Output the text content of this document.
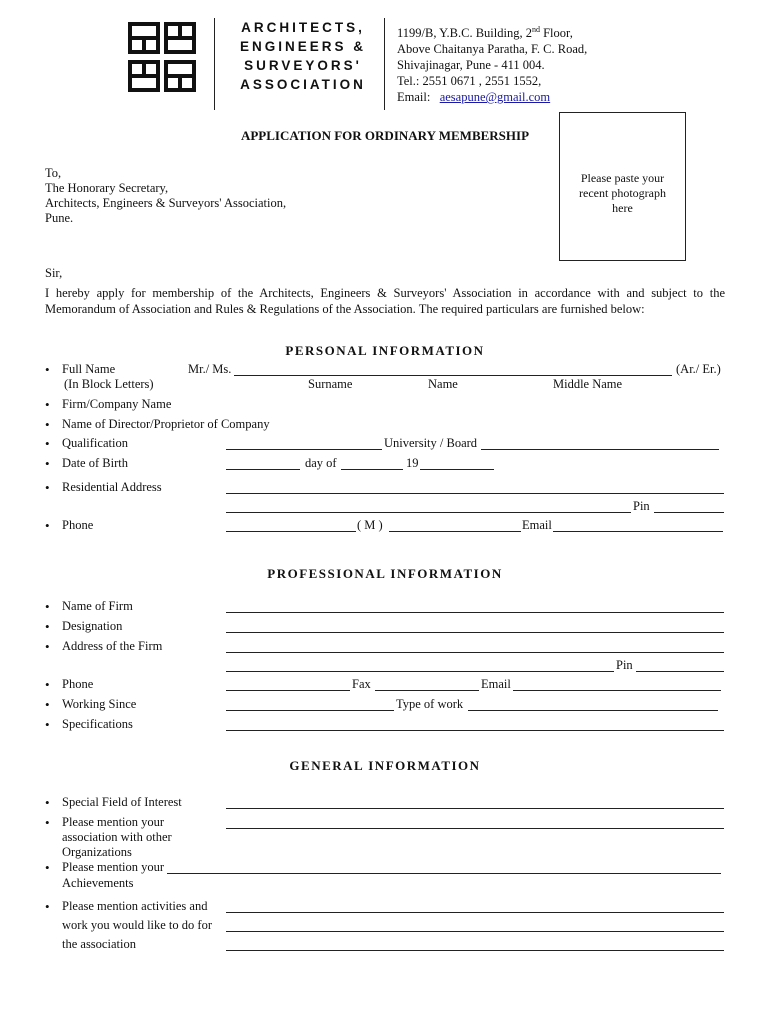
ARCHITECTS,
ENGINEERS &
SURVEYORS'
ASSOCIATION
1199/B, Y.B.C. Building, 2nd Floor,
Above Chaitanya Paratha, F. C. Road,
Shivajinagar, Pune - 411 004.
Tel.: 2551 0671 , 2551 1552,
Email: aesapune@gmail.com
APPLICATION FOR ORDINARY MEMBERSHIP
Please paste your recent photograph here
To,
The Honorary Secretary,
Architects, Engineers & Surveyors' Association,
Pune.
Sir,
I hereby apply for membership of the Architects, Engineers & Surveyors' Association in accordance with and subject to the Memorandum of Association and Rules & Regulations of the Association. The required particulars are furnished below:
PERSONAL INFORMATION
• Full Name
(In Block Letters)
Mr./ Ms.	(Ar./ Er.)
Surname	Name	Middle Name
• Firm/Company Name
• Name of Director/Proprietor of Company
• Qualification	University / Board
• Date of Birth	day of	19
• Residential Address
Pin
• Phone	( M )	Email
PROFESSIONAL INFORMATION
• Name of Firm
• Designation
• Address of the Firm
Pin
• Phone	Fax	Email
• Working Since	Type of work
• Specifications
GENERAL INFORMATION
• Special Field of Interest
• Please mention your
association with other
Organizations
• Please mention your
Achievements
• Please mention activities and
work you would like to do for
the association
